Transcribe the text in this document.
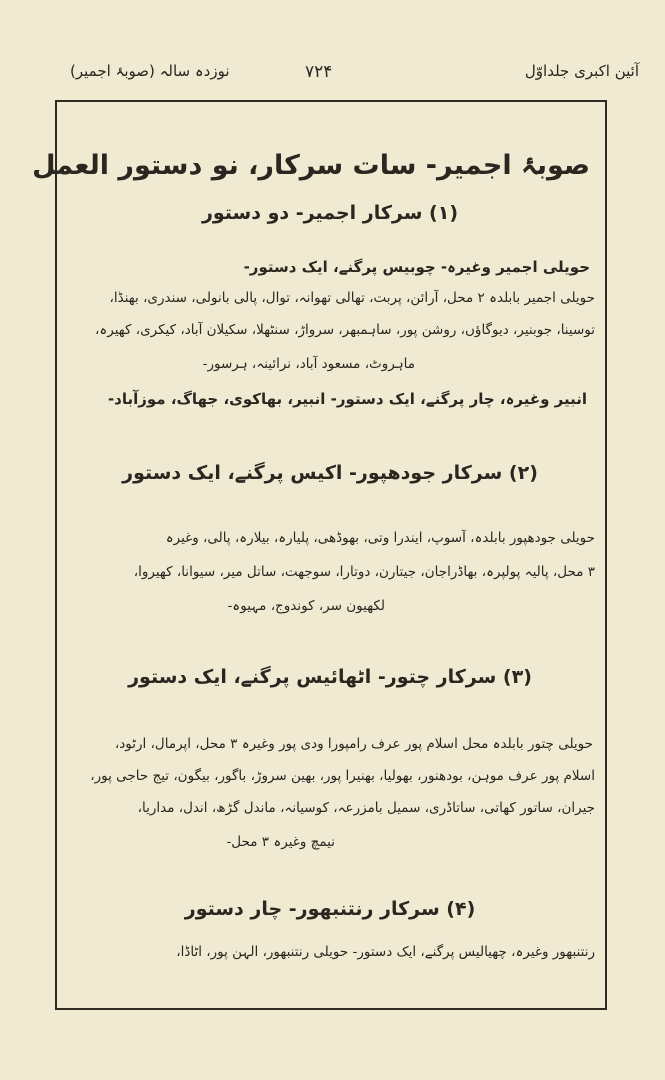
آئین اکبری جلداوّل
۷۲۴
نوزدہ سالہ (صوبۂ اجمیر)
صوبۂ اجمیر- سات سرکار، نو دستور العمل
(۱) سرکار اجمیر- دو دستور
حویلی اجمیر وغیرہ- چوبیس پرگنے، ایک دستور-
حویلی اجمیر بابلدہ ۲ محل، آرائن، پربت، تھالی تھوانہ، توال، پالی بانولی، سندری، بھنڈا،
توسینا، جوبنیر، دیوگاؤں، روشن پور، ساہمبھر، سرواڑ، سنٹھلا، سکیلان آباد، کیکری، کھیرہ،
ماہروٹ، مسعود آباد، نرائینہ، ہرسور-
انبیر وغیرہ، چار پرگنے، ایک دستور- انبیر، بھاکوی، جھاگ، موزآباد-
(۲) سرکار جودھپور- اکیس پرگنے، ایک دستور
حویلی جودھپور بابلدہ، آسوپ، ایندرا وتی، بھوڈھی، پلیارہ، بیلارہ، پالی، وغیرہ
۳ محل، پالیہ پولپرہ، بھاڈراجان، جیتارن، دوتارا، سوجھت، ساتل میر، سیوانا، کھیروا،
لکھیون سر، کوندوج، مہیوہ-
(۳) سرکار چتور- اٹھائیس پرگنے، ایک دستور
حویلی چتور بابلدہ محل اسلام پور عرف رامپورا ودی پور وغیرہ ۳ محل، اپرمال، ارٹود،
اسلام پور عرف موہن، بودھنور، بھولیا، بھنیرا پور، بھین سروڑ، باگور، بیگون، تیج حاجی پور،
جیران، ساتور کھاتی، ساتاڈری، سمیل بامزرعہ، کوسیانہ، ماندل گڑھ، اندل، مداریا،
نیمچ وغیرہ ۳ محل-
(۴) سرکار رنتنبھور- چار دستور
رنتنبھور وغیرہ، چھیالیس پرگنے، ایک دستور- حویلی رنتنبھور، الہن پور، اٹاڈا،
